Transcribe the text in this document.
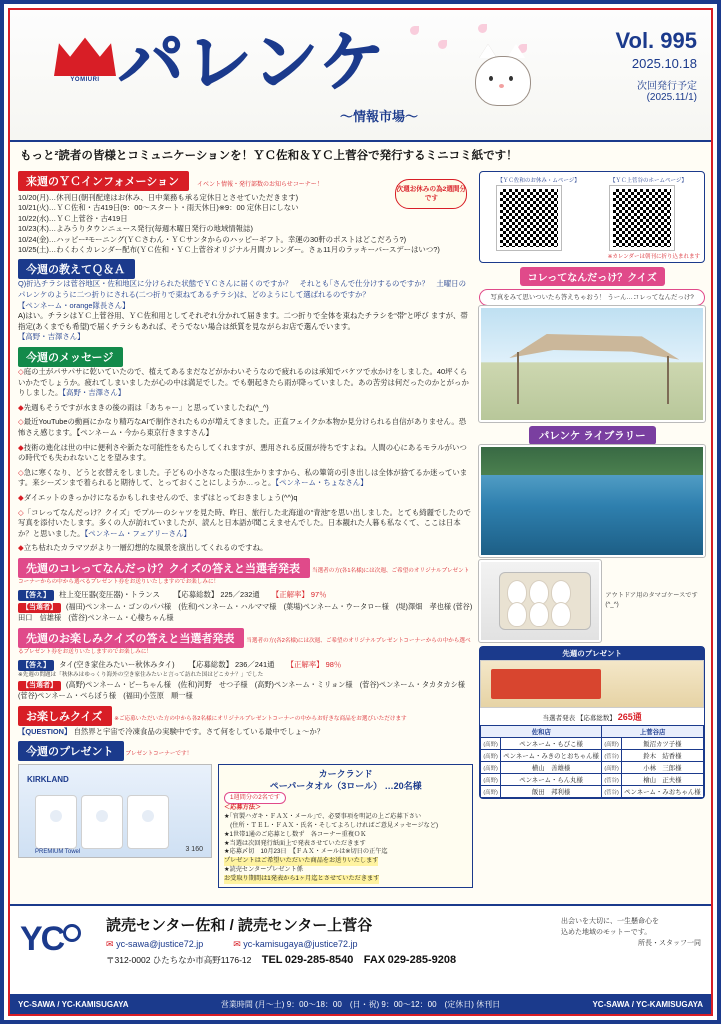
YOMIURI パレンケ
〜情報市場〜
Vol. 995
2025.10.18
次回発行予定
(2025.11/1)
もっと²読者の皆様とコミュニケーションを！ＹＣ佐和＆ＹＣ上菅谷で発行するミニコミ紙です！
来週のＹＣインフォメーション	イベント情報・発行部数のお知らせコーナー！
次週お休みの為2週間分です
10/20(月)…休刊日(朝刊配達はお休み、日中業務も承る定休日とさせていただきます)
10/21(火)…ＹＣ佐和・古419日(9：00〜スタート・雨天休日)※9：00 定休日にしない
10/22(水)…ＹＣ上菅谷・古419日
10/23(木)…よみうりタウンニュース発行(毎週木曜日発行の地域情報誌)
10/24(金)…ハッピー²モーニング(ＹＣさわん・ＹＣサンタからのハッピーギフト。幸運の30軒のポストはどこだろう?)
10/25(土)…わくわくカレンダー配布(ＹＣ佐和・ＹＣ上菅谷オリジナル月間カレンダー。さぁ11月のラッキーバースデーはいつ?)
今週の教えてＱ＆Ａ
Q)折込チラシは菅谷地区・佐和地区に分けられた状態でＹＣさんに届くのですか？　それとも｢さんで仕分けするのですか？　土曜日のパレンケのように二つ折りにされる(二つ折りで束ねてあるチラシ)は、どのようにして選ばれるのですか？
【ペンネーム・orange隊長さん】
A)はい。チラシはＹＣ上菅谷用、ＹＣ佐和用としてそれぞれ分かれて届きます。二つ折りで全体を束ねたチラシを“帯”と呼び ますが、帯指定(あくまでも希望)で届くチラシもあれば、そうでない場合は紙質を見ながらお店で選んでいます。
【高野・吉澤さん】
今週のメッセージ

◇庭の土がパサパサに乾いていたので、植えてあるまだなどがかわいそうなので疲れるのは承知でバケツで水かけをしました。40坪くらいかたでしょうか。疲れてしまいましたが心の中は満足でした。でも朝起きたら雨が降っていました。あの苦労は何だったのかとがっかりしました。【高野・吉澤さん】

◆先週もそうですが水まきの後の雨は「あちゃー」と思っていましたね(^_^)

◇最近YouTubeの動画にかなり精巧なAIで制作されたものが増えてきました。正直フェイクか本物か見分けられる自信がありません。恐怖さえ感じます。【ペンネーム・今から東京行きますさん】

◆技術の進化は世の中に便利さや新たな可能性をもたらしてくれますが、悪用される反面が待ちですよね。人間の心にあるモラルがいつの時代でも失われないことを望みます。

◇急に寒くなり、どうと衣替えをしました。子どもの小さなった服は生かりますから、私の簞笥の引き出しは全体が捨てるか迷っています。来シーズンまで着られると期待して、とっておくことにしようか…っと。【ペンネーム・ちょなさん】

◆ダイエットのきっかけになるかもしれませんので、まずはとっておきましょう(^^)q

◇「コレってなんだっけ？クイズ」でプルーのシャツを見た時、昨日、旅行した北海道の“青池”を思い出しました。とても綺麗でしたので写真を添付いたします。多くの人が訪れていましたが、読んと日本語が聞こえませんでした。日本観れた人暮も私なくて、ここは日本か？と思いました。【ペンネーム・フェアリーさん】

◆立ち枯れたカラマツがより一層幻想的な風景を演出してくれるのですね。

先週のコレってなんだっけ？クイズの答えと当選者発表 当選者の方(各1名様)には次週、ご希望のオリジナルプレゼントコーナーからの中から選べるプレゼント券をお送りいたしますのでお楽しみに！
【答え】 柱上変圧器(変圧器)・トランス 【応募総数】 225／232通 【正解率】 97％
【当選者】 (福田)ペンネーム・ゴンのパパ様　(佐和)ペンネーム・ハルママ様　(葉場)ペンネーム・ウータロー様　(堤)澤畑　孝也様 (菅谷)田口　信雄様　(菅谷)ペンネーム・心棲ちゃん様
先週のお楽しみクイズの答えと当選者発表 当選者の方(各2名様)には次週、ご希望のオリジナルプレゼントコーナーからの中から選べるプレゼント券をお送りいたしますのでお楽しみに！
【答え】 タイ(空き家住みたいー秋休みタイ) 【応募総数】 236／241通 【正解率】 98％
※先週の問題は「秋休みはゆっくり海外の空き家住みたいと言って訪れた国はどこカナ？」でした
【当選者】 (高野)ペンネーム・ピーちゃん様　(佐和)河野　せつ子様　(高野)ペンネーム・ミリョン様　(菅谷)ペンネーム・タカタカシ様　(菅谷)ペンネーム・べらぼう様　(福田)小笠原　順一様
お楽しみクイズ ※ご応募いただいた方の中から各2名様にオリジナルプレゼントコーナーの中からお好きな商品をお選びいただけます
【QUESTION】 自然界と宇宙で冷凍食品の実験中です。さて何をしている最中でしょ〜か？
今週のプレゼント プレゼントコーナーです！
KIRKLAND
PREMIUM Towel	3 160
カークランド
ペーパータオル（3ロール） …20名様
1週間分の2名です
＜応募方法＞
★｢官製ハガキ・ＦＡＸ・メール｣で、必要事項を明記の上ご応募下さい
　(住所・ＴＥＬ・ＦＡＸ・氏名・そしてよろしければご意見メッセージなど)
★1世帯1通のご応募とし数ず　各コーナー重複ＯＫ
★当選は次回発行紙面上で発表させていただきます
★応募〆切　10月23日　【ＦＡＸ・メールは※切日の正午迄
プレゼントはご希望いただいた商品をお送りいたします
★読売センタープレゼント係
お受取り期間は1発表から1ヶ月迄とさせていただきます
【ＹＣ佐和のお休み・ムページ】	【ＹＣ上菅谷のホームページ】
※カレンダーは朝刊に折り込まれます
コレってなんだっけ？クイズ
写真をみて思いついたら答えちゃおう！ うーん…コレってなんだっけ?
パレンケ ライブラリー
アウトドア用のタマゴケースです(^_^)
先週のプレゼント
当選者発表 【応募総数】 265通
佐和店		上菅谷店	
(高野)	ペンネーム・もびこ様	(高野)	飯沼カツ子様
(高野)	ペンネーム・みきのとおちゃん様	(菅谷)	鈴木　結香様
(高野)	横山　善雄様	(高野)	小林　三郎様
(高野)	ペンネーム・らん丸様	(菅谷)	檜山　正夫様
(高野)	飯田　邦利様	(菅谷)	ペンネーム・みおちゃん様
YC	読売センター佐和 / 読売センター上菅谷
✉ yc-sawa@justice72.jp	✉ yc-kamisugaya@justice72.jp
〒312-0002 ひたちなか市高野1176-12 TEL 029-285-8540 FAX 029-285-9208
出会いを大切に、一生懸命心を
込めた地域のモットーです。
所長・スタッフ一同
YC-SAWA / YC-KAMISUGAYA	営業時間 (月〜土) 9：00〜18：00　(日・祝) 9：00〜12：00　(定休日) 休刊日	YC-SAWA / YC-KAMISUGAYA
